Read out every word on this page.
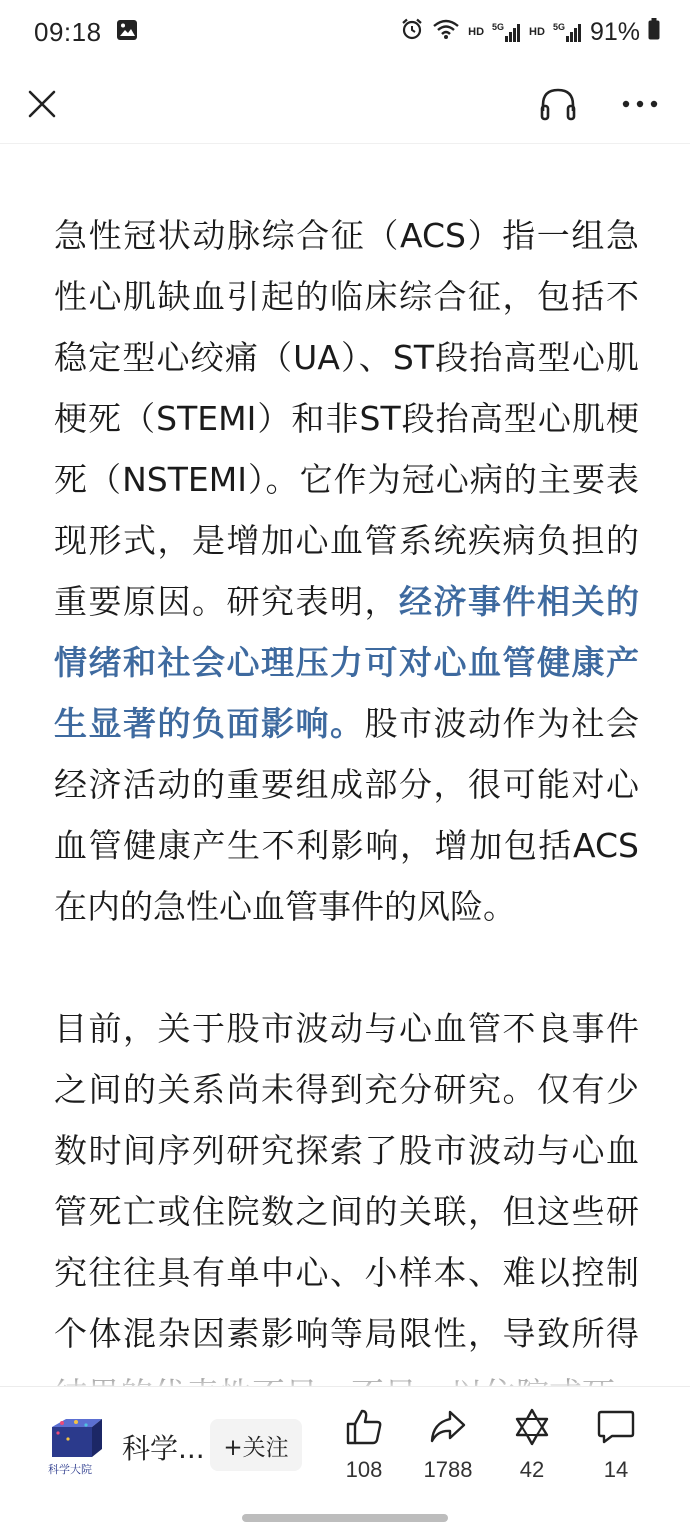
09:18	HD 5G HD 5G 91%

急性冠状动脉综合征（ACS）指一组急性心肌缺血引起的临床综合征，包括不稳定型心绞痛（UA）、ST段抬高型心肌梗死（STEMI）和非ST段抬高型心肌梗死（NSTEMI）。它作为冠心病的主要表现形式，是增加心血管系统疾病负担的重要原因。研究表明，经济事件相关的情绪和社会心理压力可对心血管健康产生显著的负面影响。股市波动作为社会经济活动的重要组成部分，很可能对心血管健康产生不利影响，增加包括ACS在内的急性心血管事件的风险。

目前，关于股市波动与心血管不良事件之间的关系尚未得到充分研究。仅有少数时间序列研究探索了股市波动与心血管死亡或住院数之间的关联，但这些研究往往具有单中心、小样本、难以控制个体混杂因素影响等局限性，导致所得

科学大院
科学... +关注
108 1788 42	14
